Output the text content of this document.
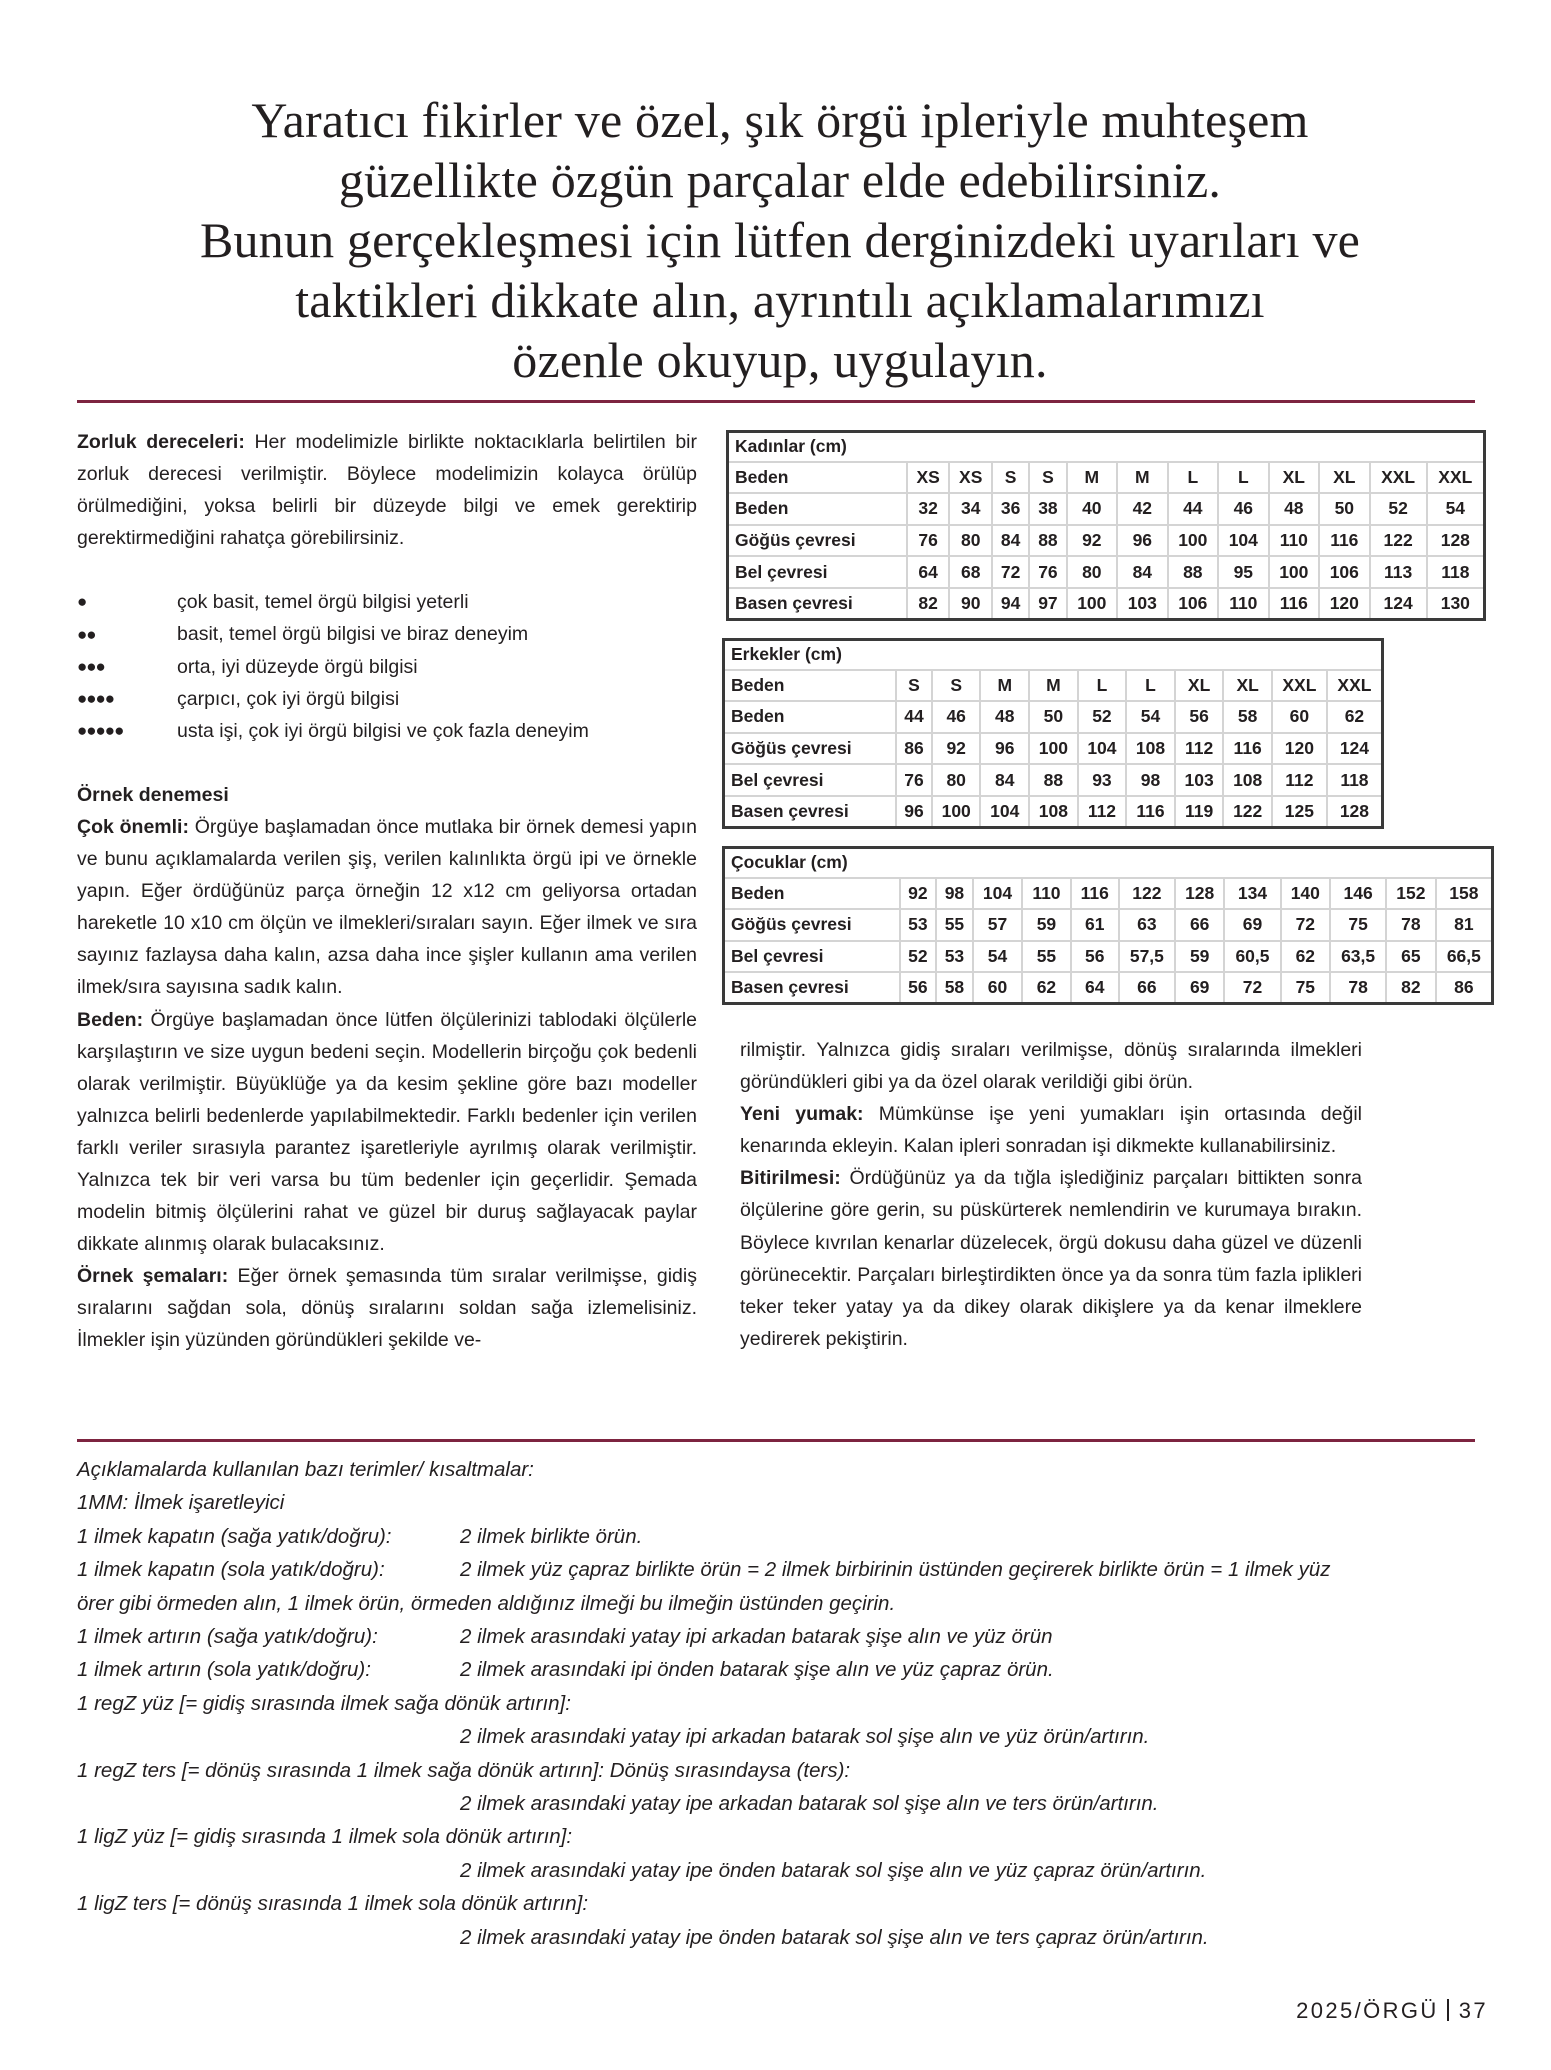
Yaratıcı fikirler ve özel, şık örgü ipleriyle muhteşem
güzellikte özgün parçalar elde edebilirsiniz.
Bunun gerçekleşmesi için lütfen derginizdeki uyarıları ve
taktikleri dikkate alın, ayrıntılı açıklamalarımızı
özenle okuyup, uygulayın.

Zorluk dereceleri: Her modelimizle birlikte noktacıklarla belirtilen bir zorluk derecesi verilmiştir. Böylece modelimizin kolayca örülüp örülmediğini, yoksa belirli bir düzeyde bilgi ve emek gerektirip gerektirmediğini rahatça görebilirsiniz.

●	çok basit, temel örgü bilgisi yeterli
●●	basit, temel örgü bilgisi ve biraz deneyim
●●●	orta, iyi düzeyde örgü bilgisi
●●●●	çarpıcı, çok iyi örgü bilgisi
●●●●●	usta işi, çok iyi örgü bilgisi ve çok fazla deneyim
Örnek denemesi

Çok önemli: Örgüye başlamadan önce mutlaka bir örnek demesi yapın ve bunu açıklamalarda verilen şiş, verilen kalınlıkta örgü ipi ve örnekle yapın. Eğer ördüğünüz parça örneğin 12 x12 cm geliyorsa ortadan hareketle 10 x10 cm ölçün ve ilmekleri/sıraları sayın. Eğer ilmek ve sıra sayınız fazlaysa daha kalın, azsa daha ince şişler kullanın ama verilen ilmek/sıra sayısına sadık kalın.

Beden: Örgüye başlamadan önce lütfen ölçülerinizi tablodaki ölçülerle karşılaştırın ve size uygun bedeni seçin. Modellerin birçoğu çok bedenli olarak verilmiştir. Büyüklüğe ya da kesim şekline göre bazı modeller yalnızca belirli bedenlerde yapılabilmektedir. Farklı bedenler için verilen farklı veriler sırasıyla parantez işaretleriyle ayrılmış olarak verilmiştir. Yalnızca tek bir veri varsa bu tüm bedenler için geçerlidir. Şemada modelin bitmiş ölçülerini rahat ve güzel bir duruş sağlayacak paylar dikkate alınmış olarak bulacaksınız.

Örnek şemaları: Eğer örnek şemasında tüm sıralar verilmişse, gidiş sıralarını sağdan sola, dönüş sıralarını soldan sağa izlemelisiniz. İlmekler işin yüzünden göründükleri şekilde ve-

Kadınlar (cm)												
Beden	XS	XS	S	S	M	M	L	L	XL	XL	XXL	XXL
Beden	32	34	36	38	40	42	44	46	48	50	52	54
Göğüs çevresi	76	80	84	88	92	96	100	104	110	116	122	128
Bel çevresi	64	68	72	76	80	84	88	95	100	106	113	118
Basen çevresi	82	90	94	97	100	103	106	110	116	120	124	130
Erkekler (cm)										
Beden	S	S	M	M	L	L	XL	XL	XXL	XXL
Beden	44	46	48	50	52	54	56	58	60	62
Göğüs çevresi	86	92	96	100	104	108	112	116	120	124
Bel çevresi	76	80	84	88	93	98	103	108	112	118
Basen çevresi	96	100	104	108	112	116	119	122	125	128
Çocuklar (cm)												
Beden	92	98	104	110	116	122	128	134	140	146	152	158
Göğüs çevresi	53	55	57	59	61	63	66	69	72	75	78	81
Bel çevresi	52	53	54	55	56	57,5	59	60,5	62	63,5	65	66,5
Basen çevresi	56	58	60	62	64	66	69	72	75	78	82	86

rilmiştir. Yalnızca gidiş sıraları verilmişse, dönüş sıralarında ilmekleri göründükleri gibi ya da özel olarak verildiği gibi örün.

Yeni yumak: Mümkünse işe yeni yumakları işin ortasında değil kenarında ekleyin. Kalan ipleri sonradan işi dikmekte kullanabilirsiniz.

Bitirilmesi: Ördüğünüz ya da tığla işlediğiniz parçaları bittikten sonra ölçülerine göre gerin, su püskürterek nemlendirin ve kurumaya bırakın. Böylece kıvrılan kenarlar düzelecek, örgü dokusu daha güzel ve düzenli görünecektir. Parçaları birleştirdikten önce ya da sonra tüm fazla iplikleri teker teker yatay ya da dikey olarak dikişlere ya da kenar ilmeklere yedirerek pekiştirin.

Açıklamalarda kullanılan bazı terimler/ kısaltmalar:
1MM: İlmek işaretleyici
1 ilmek kapatın (sağa yatık/doğru):	2 ilmek birlikte örün.
1 ilmek kapatın (sola yatık/doğru):	2 ilmek yüz çapraz birlikte örün = 2 ilmek birbirinin üstünden geçirerek birlikte örün = 1 ilmek yüz
örer gibi örmeden alın, 1 ilmek örün, örmeden aldığınız ilmeği bu ilmeğin üstünden geçirin.
1 ilmek artırın (sağa yatık/doğru):	2 ilmek arasındaki yatay ipi arkadan batarak şişe alın ve yüz örün
1 ilmek artırın (sola yatık/doğru):	2 ilmek arasındaki ipi önden batarak şişe alın ve yüz çapraz örün.
1 regZ yüz [= gidiş sırasında ilmek sağa dönük artırın]:
2 ilmek arasındaki yatay ipi arkadan batarak sol şişe alın ve yüz örün/artırın.
1 regZ ters [= dönüş sırasında 1 ilmek sağa dönük artırın]: Dönüş sırasındaysa (ters):
2 ilmek arasındaki yatay ipe arkadan batarak sol şişe alın ve ters örün/artırın.
1 ligZ yüz [= gidiş sırasında 1 ilmek sola dönük artırın]:
2 ilmek arasındaki yatay ipe önden batarak sol şişe alın ve yüz çapraz örün/artırın.
1 ligZ ters [= dönüş sırasında 1 ilmek sola dönük artırın]:
2 ilmek arasındaki yatay ipe önden batarak sol şişe alın ve ters çapraz örün/artırın.
2025/ÖRGÜ 37
